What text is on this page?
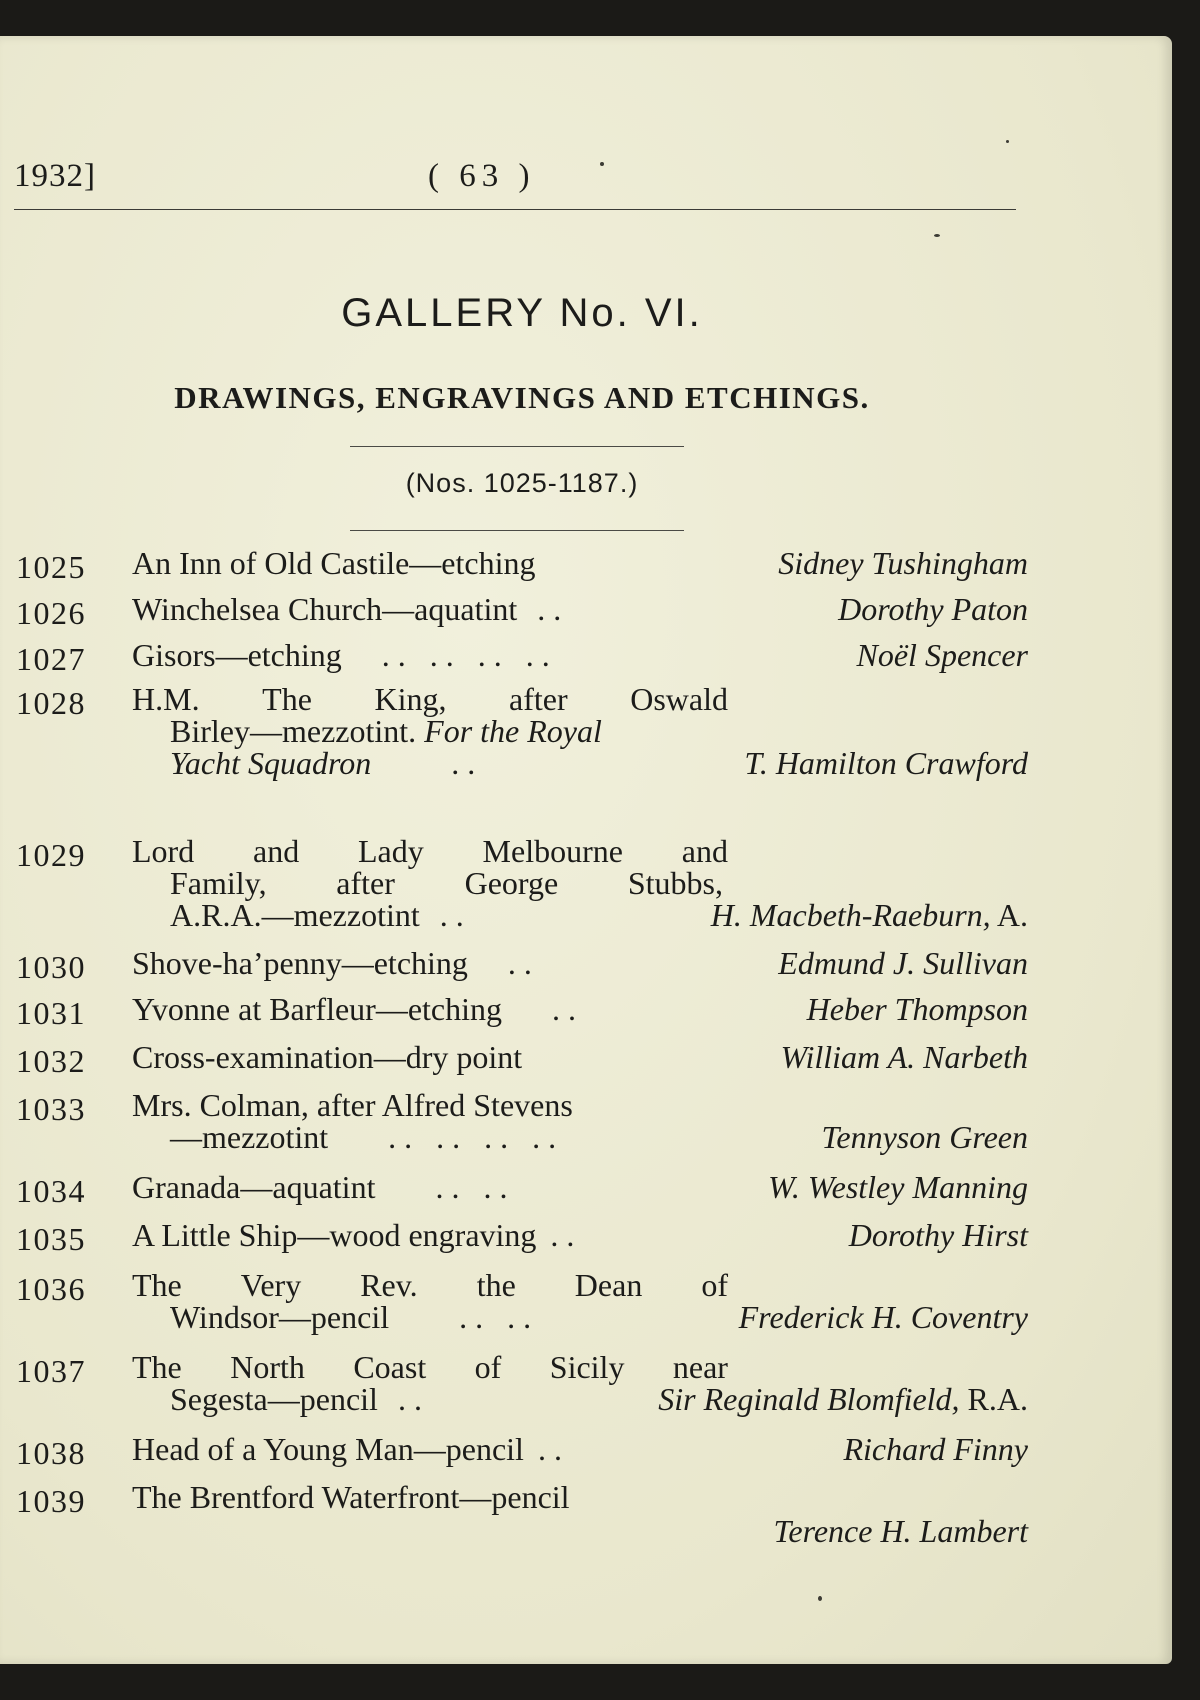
1932]	( 63 )
GALLERY No. VI.
DRAWINGS, ENGRAVINGS AND ETCHINGS.
(Nos. 1025-1187.)
1025 An Inn of Old Castile—etching	Sidney Tushingham
1026 Winchelsea Church—aquatint ..	Dorothy Paton
1027 Gisors—etching .. .. .. ..	Noël Spencer
1028 H.M. The King, after Oswald
Birley—mezzotint. For the Royal
Yacht Squadron	..	T. Hamilton Crawford
1029 Lord and Lady Melbourne and
Family, after George Stubbs,
A.R.A.—mezzotint ..	H. Macbeth-Raeburn, A.
1030 Shove-ha’penny—etching ..	Edmund J. Sullivan
1031 Yvonne at Barfleur—etching ..	Heber Thompson
1032 Cross-examination—dry point	William A. Narbeth
1033 Mrs. Colman, after Alfred Stevens
—mezzotint .. .. .. ..	Tennyson Green
1034 Granada—aquatint .. ..	W. Westley Manning
1035 A Little Ship—wood engraving ..	Dorothy Hirst
1036 The Very Rev. the Dean of
Windsor—pencil .. ..	Frederick H. Coventry
1037 The North Coast of Sicily near
Segesta—pencil ..	Sir Reginald Blomfield, R.A.
1038 Head of a Young Man—pencil ..	Richard Finny
1039 The Brentford Waterfront—pencil
Terence H. Lambert
